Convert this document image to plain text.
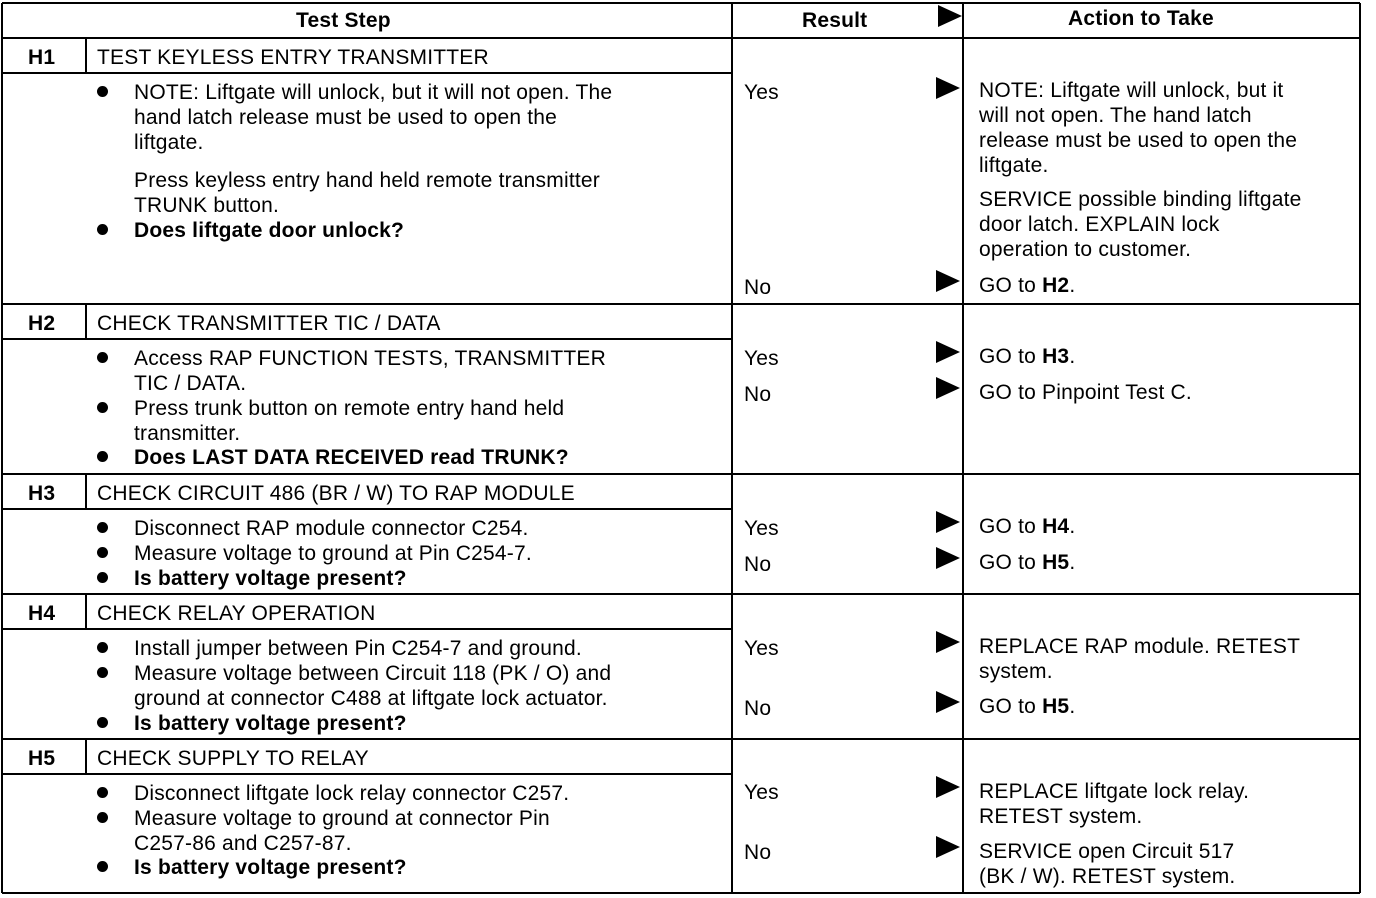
Test Step	Result	Action to Take
H1 TEST KEYLESS ENTRY TRANSMITTER
NOTE: Liftgate will unlock, but it will not open. The
hand latch release must be used to open the
liftgate.
Press keyless entry hand held remote transmitter
TRUNK button.
Does liftgate door unlock?
Yes
No
NOTE: Liftgate will unlock, but it
will not open. The hand latch
release must be used to open the
liftgate.
SERVICE possible binding liftgate
door latch. EXPLAIN lock
operation to customer.
GO to H2.
H2 CHECK TRANSMITTER TIC / DATA
Access RAP FUNCTION TESTS, TRANSMITTER
TIC / DATA.
Press trunk button on remote entry hand held
transmitter.
Does LAST DATA RECEIVED read TRUNK?
Yes
No
GO to H3.
GO to Pinpoint Test C.
H3 CHECK CIRCUIT 486 (BR / W) TO RAP MODULE
Disconnect RAP module connector C254.
Measure voltage to ground at Pin C254-7.
Is battery voltage present?
Yes
No
GO to H4.
GO to H5.
H4 CHECK RELAY OPERATION
Install jumper between Pin C254-7 and ground.
Measure voltage between Circuit 118 (PK / O) and
ground at connector C488 at liftgate lock actuator.
Is battery voltage present?
Yes
No
REPLACE RAP module. RETEST
system.
GO to H5.
H5 CHECK SUPPLY TO RELAY
Disconnect liftgate lock relay connector C257.
Measure voltage to ground at connector Pin
C257-86 and C257-87.
Is battery voltage present?
Yes
No
REPLACE liftgate lock relay.
RETEST system.
SERVICE open Circuit 517
(BK / W). RETEST system.
